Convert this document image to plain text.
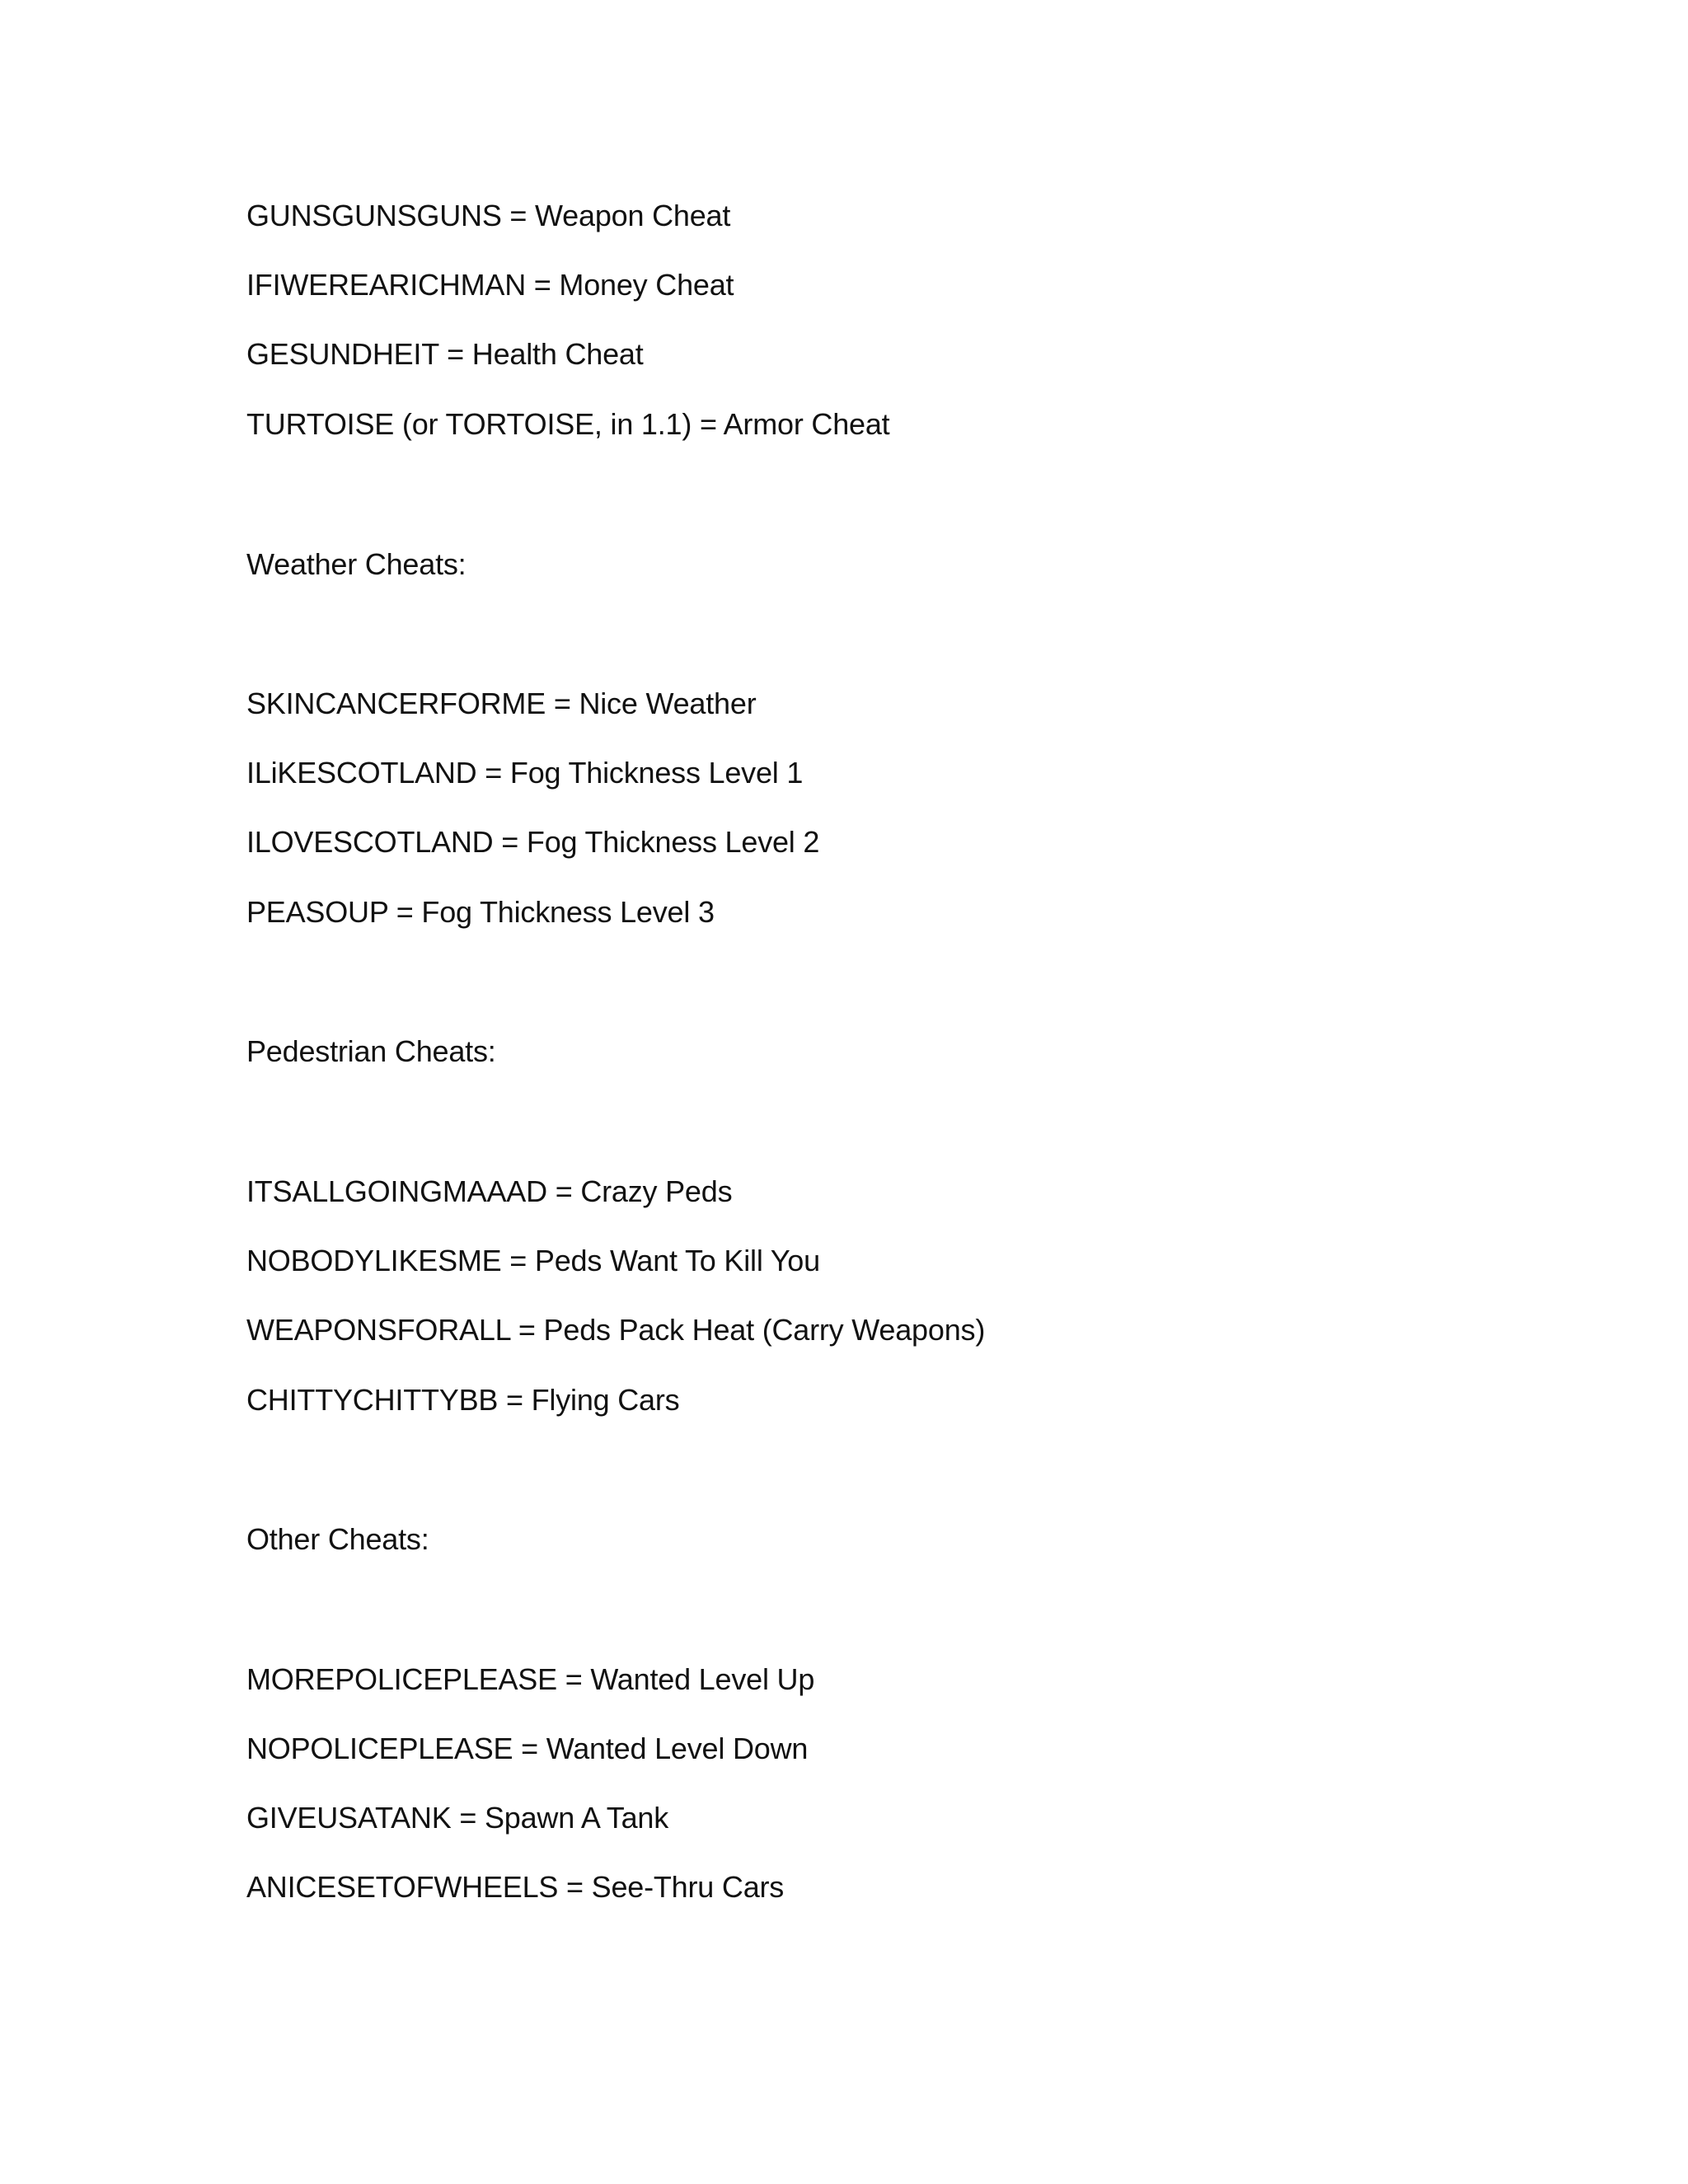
GUNSGUNSGUNS = Weapon Cheat
IFIWEREARICHMAN = Money Cheat
GESUNDHEIT = Health Cheat
TURTOISE (or TORTOISE, in 1.1) = Armor Cheat
Weather Cheats:
SKINCANCERFORME = Nice Weather
ILiKESCOTLAND = Fog Thickness Level 1
ILOVESCOTLAND = Fog Thickness Level 2
PEASOUP = Fog Thickness Level 3
Pedestrian Cheats:
ITSALLGOINGMAAAD = Crazy Peds
NOBODYLIKESME = Peds Want To Kill You
WEAPONSFORALL = Peds Pack Heat (Carry Weapons)
CHITTYCHITTYBB = Flying Cars
Other Cheats:
MOREPOLICEPLEASE = Wanted Level Up
NOPOLICEPLEASE = Wanted Level Down
GIVEUSATANK = Spawn A Tank
ANICESETOFWHEELS = See-Thru Cars
